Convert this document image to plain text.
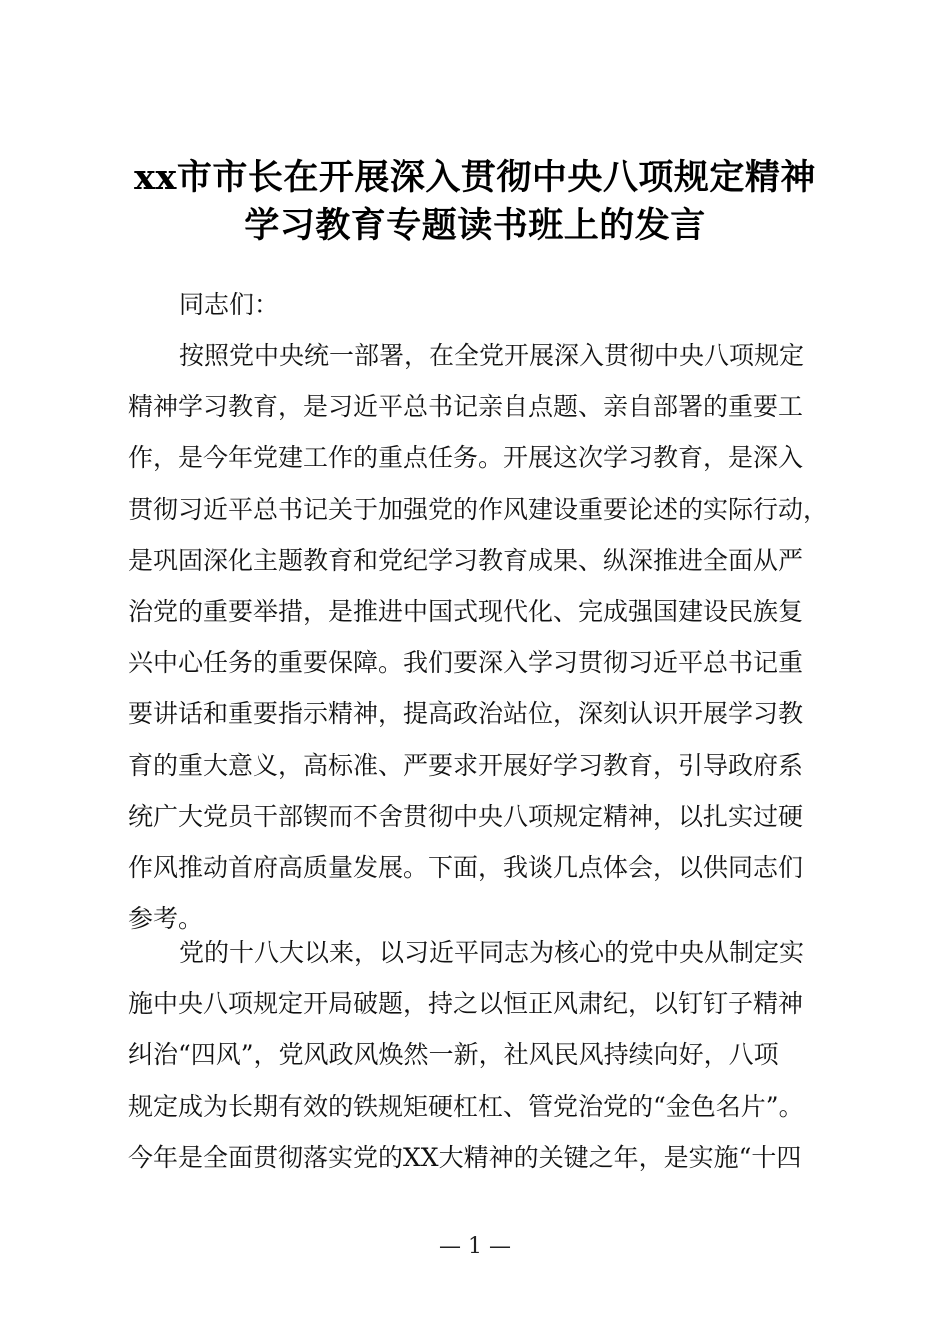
xx市市长在开展深入贯彻中央八项规定精神
学习教育专题读书班上的发言
同志们：
按照党中央统一部署，在全党开展深入贯彻中央八项规定
精神学习教育，是习近平总书记亲自点题、亲自部署的重要工
作，是今年党建工作的重点任务。开展这次学习教育，是深入
贯彻习近平总书记关于加强党的作风建设重要论述的实际行动，
是巩固深化主题教育和党纪学习教育成果、纵深推进全面从严
治党的重要举措，是推进中国式现代化、完成强国建设民族复
兴中心任务的重要保障。我们要深入学习贯彻习近平总书记重
要讲话和重要指示精神，提高政治站位，深刻认识开展学习教
育的重大意义，高标准、严要求开展好学习教育，引导政府系
统广大党员干部锲而不舍贯彻中央八项规定精神，以扎实过硬
作风推动首府高质量发展。下面，我谈几点体会，以供同志们
参考。
党的十八大以来，以习近平同志为核心的党中央从制定实
施中央八项规定开局破题，持之以恒正风肃纪，以钉钉子精神
纠治“四风”，党风政风焕然一新，社风民风持续向好，八项
规定成为长期有效的铁规矩硬杠杠、管党治党的“金色名片”。
今年是全面贯彻落实党的XX大精神的关键之年，是实施“十四
— 1 —
